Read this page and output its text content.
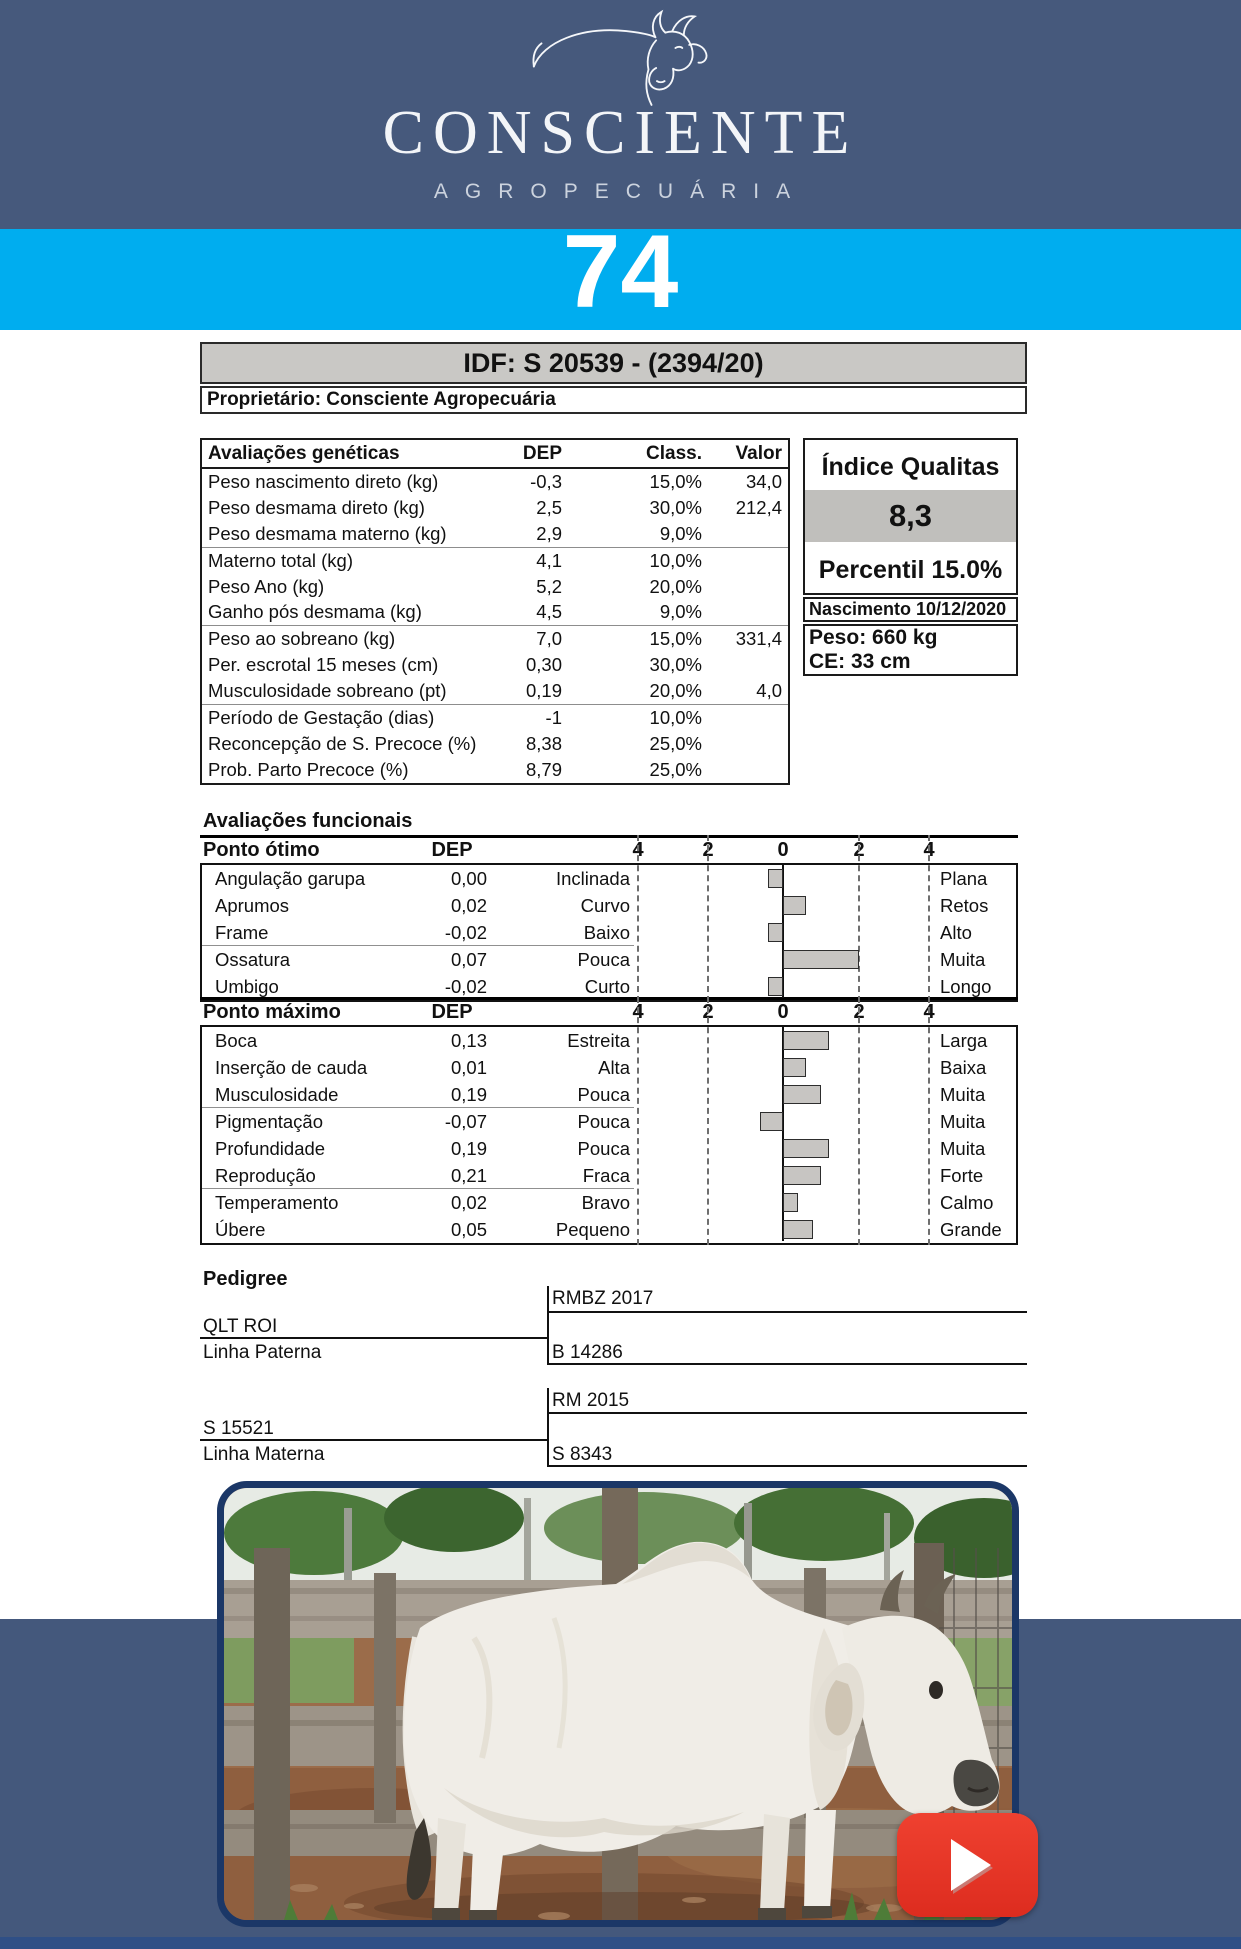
CONSCIENTE
AGROPECUÁRIA
74
IDF: S 20539 - (2394/20)
Proprietário: Consciente Agropecuária
Avaliações genéticas	DEP	Class.	Valor
Peso nascimento direto (kg)	-0,3	15,0%	34,0
Peso desmama direto (kg)	2,5	30,0%	212,4
Peso desmama materno (kg)	2,9	9,0%
Materno total (kg)	4,1	10,0%
Peso Ano (kg)	5,2	20,0%
Ganho pós desmama (kg)	4,5	9,0%
Peso ao sobreano (kg)	7,0	15,0%	331,4
Per. escrotal 15 meses (cm)	0,30	30,0%
Musculosidade sobreano (pt)	0,19	20,0%	4,0
Período de Gestação (dias)	-1	10,0%
Reconcepção de S. Precoce (%)	8,38	25,0%
Prob. Parto Precoce (%)	8,79	25,0%
Índice Qualitas
8,3
Percentil 15.0%
Nascimento 10/12/2020
Peso: 660 kg
CE: 33 cm
Avaliações funcionais
Ponto ótimo	DEP	4	2	0	2	4
Angulação garupa	0,00	Inclinada	Plana
Aprumos	0,02	Curvo	Retos
Frame	-0,02	Baixo	Alto
Ossatura	0,07	Pouca	Muita
Umbigo	-0,02	Curto	Longo
Ponto máximo	DEP	4	2	0	2	4
Boca	0,13	Estreita	Larga
Inserção de cauda	0,01	Alta	Baixa
Musculosidade	0,19	Pouca	Muita
Pigmentação	-0,07	Pouca	Muita
Profundidade	0,19	Pouca	Muita
Reprodução	0,21	Fraca	Forte
Temperamento	0,02	Bravo	Calmo
Úbere	0,05	Pequeno	Grande
Pedigree
RMBZ 2017
QLT ROI
Linha Paterna	B 14286
RM 2015
S 15521
Linha Materna	S 8343
